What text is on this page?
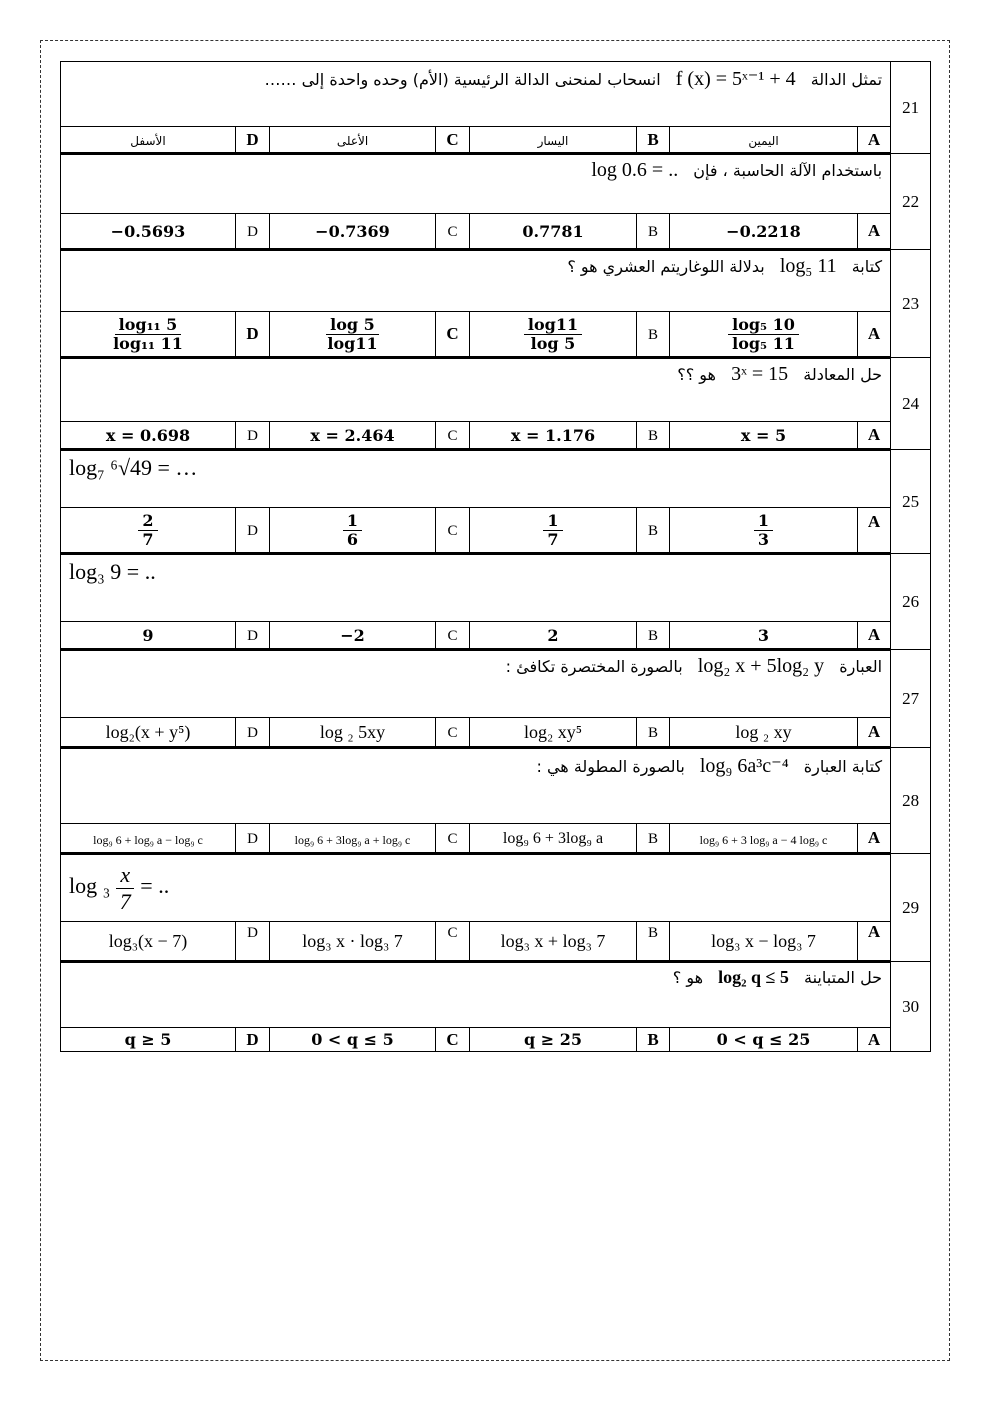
تمثل الدالة f (x) = 5ˣ⁻¹ + 4 انسحاب لمنحنى الدالة الرئيسية (الأم) وحده واحدة إلى ……								21
الأسفل	D	الأعلى	C	اليسار	B	اليمين	A	
باستخدام الآلة الحاسبة ، فإن log 0.6 = ..								22
−0.5693	D	−0.7369	C	0.7781	B	−0.2218	A	
كتابة log₅ 11 بدلالة اللوغاريتم العشري هو ؟								23

$\frac{\text{log₁₁ 5}}{\text{log₁₁ 11}}$	D	$\frac{\log 5}{\log 11}$	C	$\frac{\log 11}{\log 5}$	B	$\frac{\text{log₅ 10}}{\text{log₅ 11}}$	A	
حل المعادلة 3ˣ = 15 هو ؟؟								24
x = 0.698	D	x = 2.464	C	x = 1.176	B	x = 5	A	
log₇ ⁶√49 = …								25

$\frac{2}{7}$	D	$\frac{1}{6}$	C	$\frac{1}{7}$	B	$\frac{1}{3}$	A	
log₃ 9 = ..								26
9	D	−2	C	2	B	3	A	
العبارة log₂ x + 5log₂ y بالصورة المختصرة تكافئ :								27
log₂(x + y⁵)	D	log ₂ 5xy	C	log₂ xy⁵	B	log ₂ xy	A	
كتابة العبارة log₉ 6a³c⁻⁴ بالصورة المطولة هي :								28
log₉ 6 + log₉ a − log₉ c	D	log₉ 6 + 3log₉ a + log₉ c	C	log₉ 6 + 3log₉ a	B	log₉ 6 + 3 log₉ a − 4 log₉ c	A	
$\log _3 \frac{x}{7}$ = ..								29
log₃(x − 7)	D	log₃ x · log₃ 7	C	log₃ x + log₃ 7	B	log₃ x − log₃ 7	A	
حل المتباينة log₂ q ≤ 5 هو ؟								30
q ≥ 5	D	0 < q ≤ 5	C	q ≥ 25	B	0 < q ≤ 25	A	
